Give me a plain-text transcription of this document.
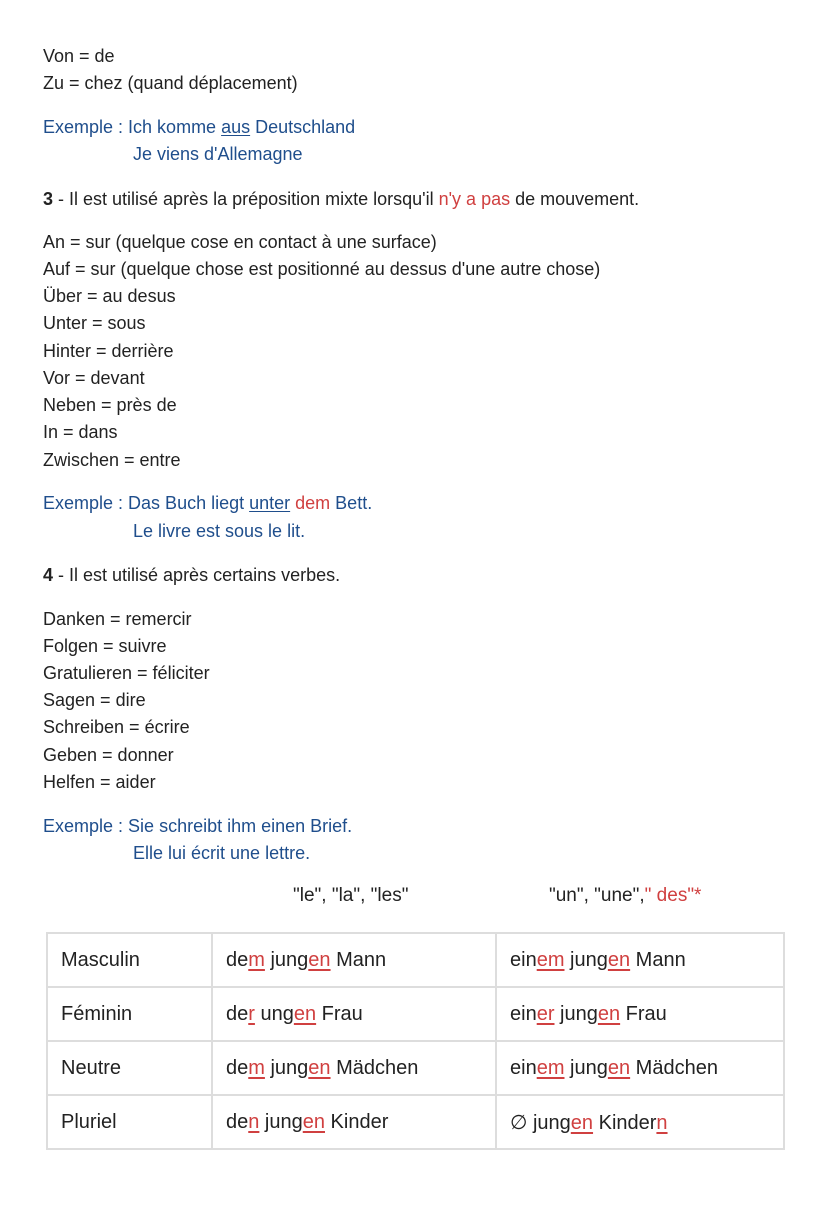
Von = de
Zu = chez (quand déplacement)
Exemple : Ich komme aus Deutschland
Je viens d'Allemagne
3 - Il est utilisé après la préposition mixte lorsqu'il n'y a pas de mouvement.
An = sur (quelque cose en contact à une surface)
Auf = sur (quelque chose est positionné au dessus d'une autre chose)
Über = au desus
Unter = sous
Hinter = derrière
Vor = devant
Neben = près de
In = dans
Zwischen = entre
Exemple : Das Buch liegt unter dem Bett.
Le livre est sous le lit.
4 - Il est utilisé après certains verbes.
Danken = remercir
Folgen = suivre
Gratulieren = féliciter
Sagen = dire
Schreiben = écrire
Geben = donner
Helfen = aider
Exemple : Sie schreibt ihm einen Brief.
Elle lui écrit une lettre.
"le", "la", "les"	"un", "une"," des"*
Masculin	dem jungen Mann	einem jungen Mann
Féminin	der ungen Frau	einer jungen Frau
Neutre	dem jungen Mädchen	einem jungen Mädchen
Pluriel	den jungen Kinder	∅ jungen Kindern
